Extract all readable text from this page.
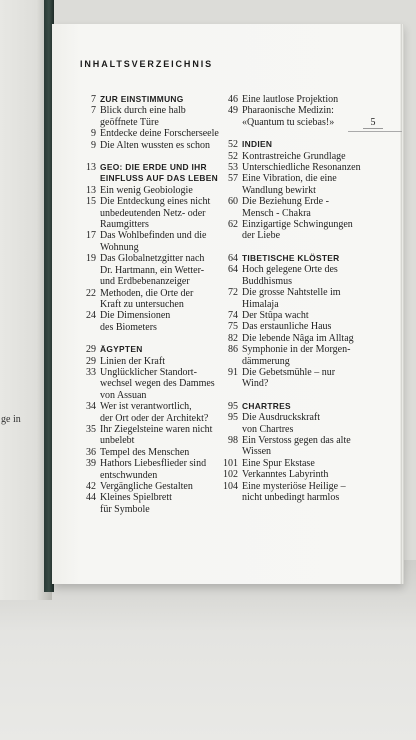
ge in
INHALTSVERZEICHNIS
5
7 ZUR EINSTIMMUNG
7 Blick durch eine halb
geöffnete Türe
9 Entdecke deine Forscherseele
9 Die Alten wussten es schon
13 GEO: DIE ERDE UND IHR
EINFLUSS AUF DAS LEBEN
13 Ein wenig Geobiologie
15 Die Entdeckung eines nicht
unbedeutenden Netz- oder
Raumgitters
17 Das Wohlbefinden und die
Wohnung
19 Das Globalnetzgitter nach
Dr. Hartmann, ein Wetter-
und Erdbebenanzeiger
22 Methoden, die Orte der
Kraft zu untersuchen
24 Die Dimensionen
des Biometers
29 ÄGYPTEN
29 Linien der Kraft
33 Unglücklicher Standort-
wechsel wegen des Dammes
von Assuan
34 Wer ist verantwortlich,
der Ort oder der Architekt?
35 Ihr Ziegelsteine waren nicht
unbelebt
36 Tempel des Menschen
39 Hathors Liebesflieder sind
entschwunden
42 Vergängliche Gestalten
44 Kleines Spielbrett
für Symbole
46 Eine lautlose Projektion
49 Pharaonische Medizin:
«Quantum tu sciebas!»
52 INDIEN
52 Kontrastreiche Grundlage
53 Unterschiedliche Resonanzen
57 Eine Vibration, die eine
Wandlung bewirkt
60 Die Beziehung Erde -
Mensch - Chakra
62 Einzigartige Schwingungen
der Liebe
64 TIBETISCHE KLÖSTER
64 Hoch gelegene Orte des
Buddhismus
72 Die grosse Nahtstelle im
Himalaja
74 Der Stûpa wacht
75 Das erstaunliche Haus
82 Die lebende Nâga im Alltag
86 Symphonie in der Morgen-
dämmerung
91 Die Gebetsmühle – nur
Wind?
95 CHARTRES
95 Die Ausdruckskraft
von Chartres
98 Ein Verstoss gegen das alte
Wissen
101 Eine Spur Ekstase
102 Verkanntes Labyrinth
104 Eine mysteriöse Heilige –
nicht unbedingt harmlos
